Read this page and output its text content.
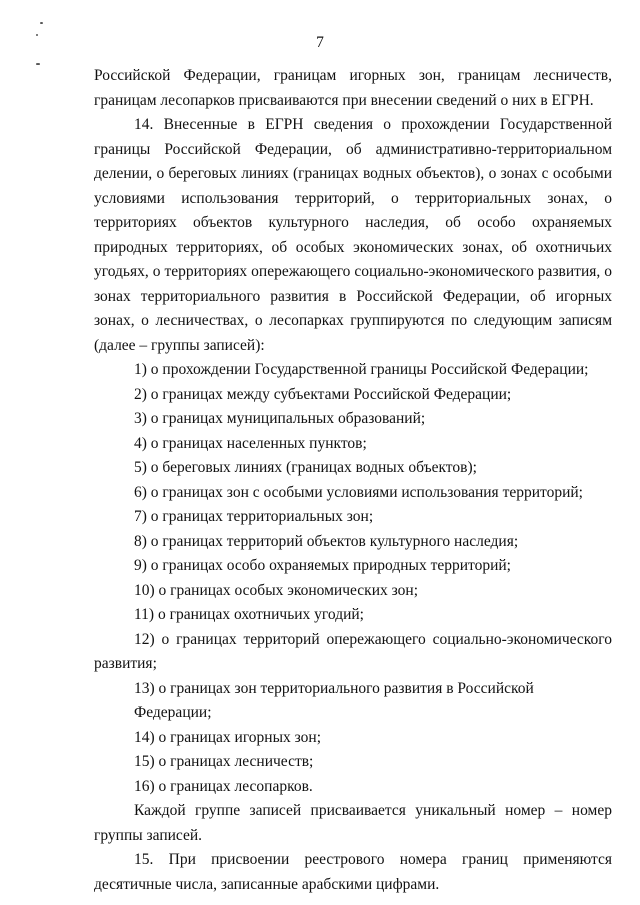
7

Российской Федерации, границам игорных зон, границам лесничеств, границам лесопарков присваиваются при внесении сведений о них в ЕГРН.

14. Внесенные в ЕГРН сведения о прохождении Государственной границы Российской Федерации, об административно-территориальном делении, о береговых линиях (границах водных объектов), о зонах с особыми условиями использования территорий, о территориальных зонах, о территориях объектов культурного наследия, об особо охраняемых природных территориях, об особых экономических зонах, об охотничьих угодьях, о территориях опережающего социально-экономического развития, о зонах территориального развития в Российской Федерации, об игорных зонах, о лесничествах, о лесопарках группируются по следующим записям (далее – группы записей):

1) о прохождении Государственной границы Российской Федерации;

2) о границах между субъектами Российской Федерации;

3) о границах муниципальных образований;

4) о границах населенных пунктов;

5) о береговых линиях (границах водных объектов);

6) о границах зон с особыми условиями использования территорий;

7) о границах территориальных зон;

8) о границах территорий объектов культурного наследия;

9) о границах особо охраняемых природных территорий;

10) о границах особых экономических зон;

11) о границах охотничьих угодий;

12) о границах территорий опережающего социально-экономического развития;

13) о границах зон территориального развития в Российской Федерации;

14) о границах игорных зон;

15) о границах лесничеств;

16) о границах лесопарков.

Каждой группе записей присваивается уникальный номер – номер группы записей.

15. При присвоении реестрового номера границ применяются десятичные числа, записанные арабскими цифрами.
